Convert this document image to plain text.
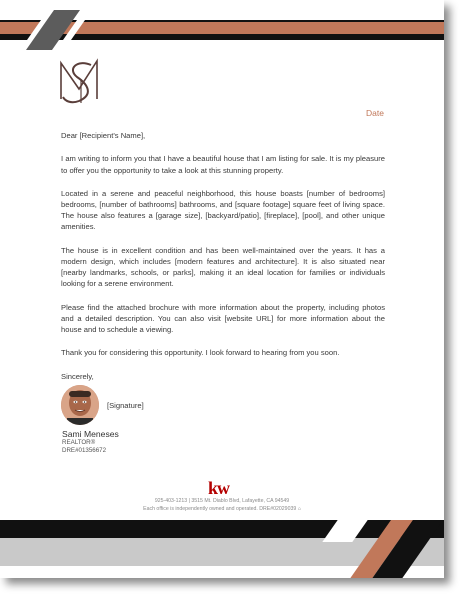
Date
Dear [Recipient's Name],

I am writing to inform you that I have a beautiful house that I am listing for sale. It is my pleasure to offer you the opportunity to take a look at this stunning property.

Located in a serene and peaceful neighborhood, this house boasts [number of bedrooms] bedrooms, [number of bathrooms] bathrooms, and [square footage] square feet of living space. The house also features a [garage size], [backyard/patio], [fireplace], [pool], and other unique amenities.

The house is in excellent condition and has been well-maintained over the years. It has a modern design, which includes [modern features and architecture]. It is also situated near [nearby landmarks, schools, or parks], making it an ideal location for families or individuals looking for a serene environment.

Please find the attached brochure with more information about the property, including photos and a detailed description. You can also visit [website URL] for more information about the house and to schedule a viewing.

Thank you for considering this opportunity. I look forward to hearing from you soon.

Sincerely,

[Signature]
Sami Meneses
REALTOR®
DRE#01356672
kw
925-403-1213 | 3515 Mt. Diablo Blvd, Lafayette, CA 94549
Each office is independently owned and operated. DRE#02029039 ⌂
